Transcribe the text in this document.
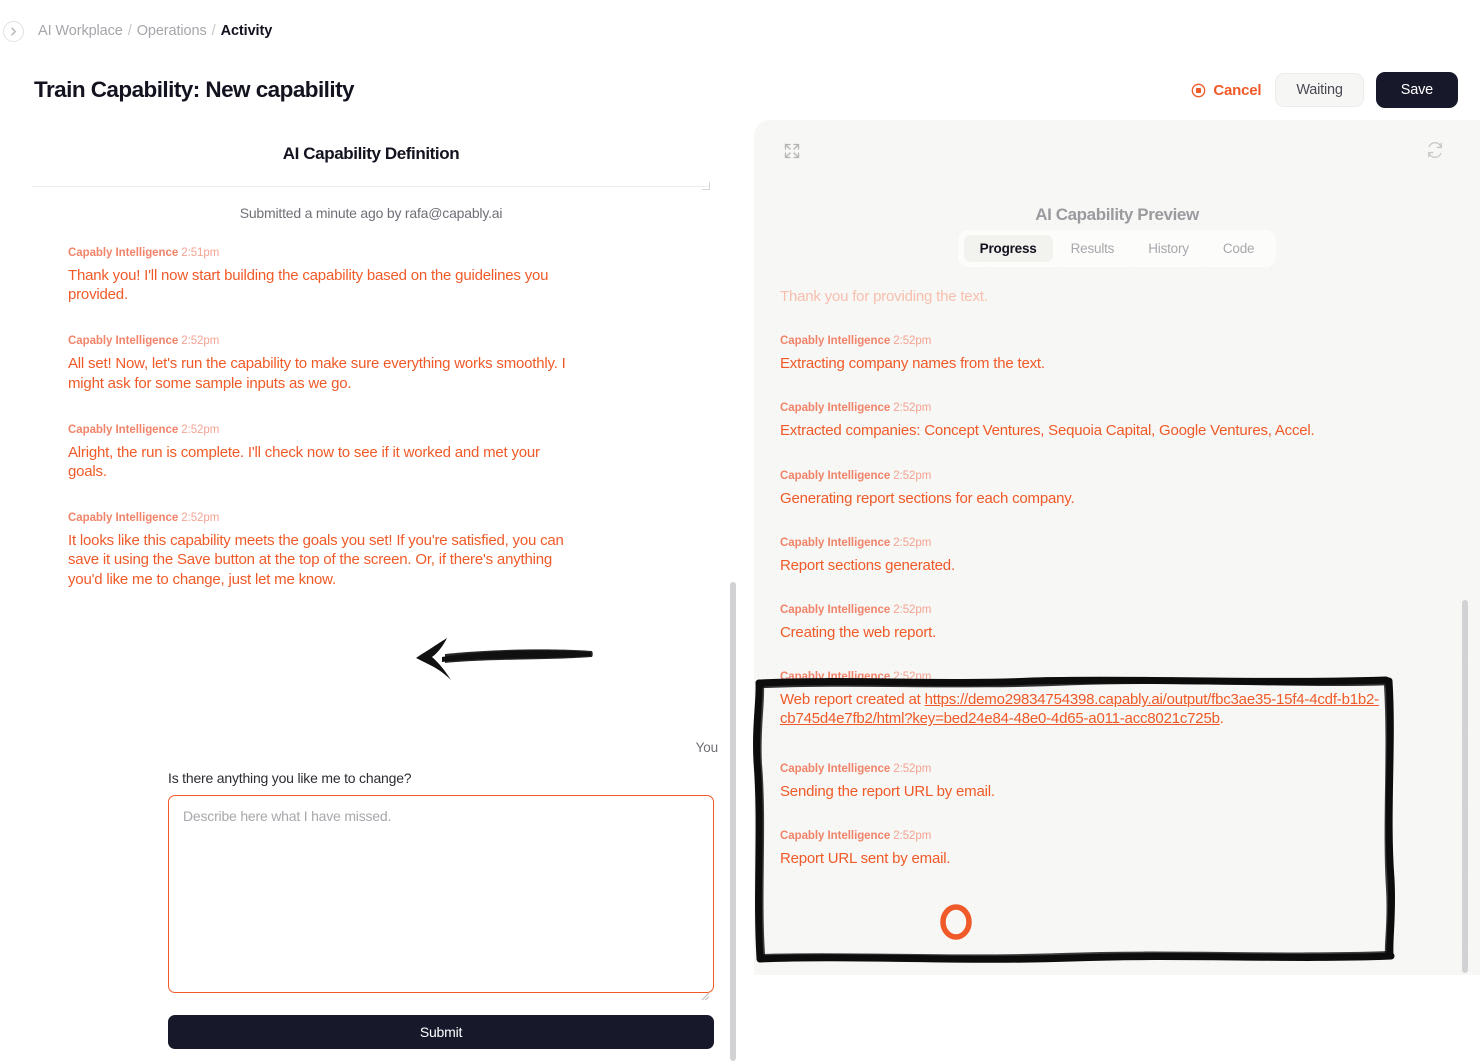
AI Workplace / Operations / Activity
Train Capability: New capability	Cancel	Waiting	Save
AI Capability Definition
Submitted a minute ago by rafa@capably.ai
Capably Intelligence 2:51pm
Thank you! I'll now start building the capability based on the guidelines you provided.
Capably Intelligence 2:52pm
All set! Now, let's run the capability to make sure everything works smoothly. I might ask for some sample inputs as we go.
Capably Intelligence 2:52pm
Alright, the run is complete. I'll check now to see if it worked and met your goals.
Capably Intelligence 2:52pm
It looks like this capability meets the goals you set! If you're satisfied, you can save it using the Save button at the top of the screen. Or, if there's anything you'd like me to change, just let me know.
You
Is there anything you like me to change?
Describe here what I have missed.
Submit
AI Capability Preview
Progress	Results	History	Code
Thank you for providing the text.
Capably Intelligence 2:52pm
Extracting company names from the text.
Capably Intelligence 2:52pm
Extracted companies: Concept Ventures, Sequoia Capital, Google Ventures, Accel.
Capably Intelligence 2:52pm
Generating report sections for each company.
Capably Intelligence 2:52pm
Report sections generated.
Capably Intelligence 2:52pm
Creating the web report.
Capably Intelligence 2:52pm
Web report created at https://demo29834754398.capably.ai/output/fbc3ae35-15f4-4cdf-b1b2-cb745d4e7fb2/html?key=bed24e84-48e0-4d65-a011-acc8021c725b.
Capably Intelligence 2:52pm
Sending the report URL by email.
Capably Intelligence 2:52pm
Report URL sent by email.
